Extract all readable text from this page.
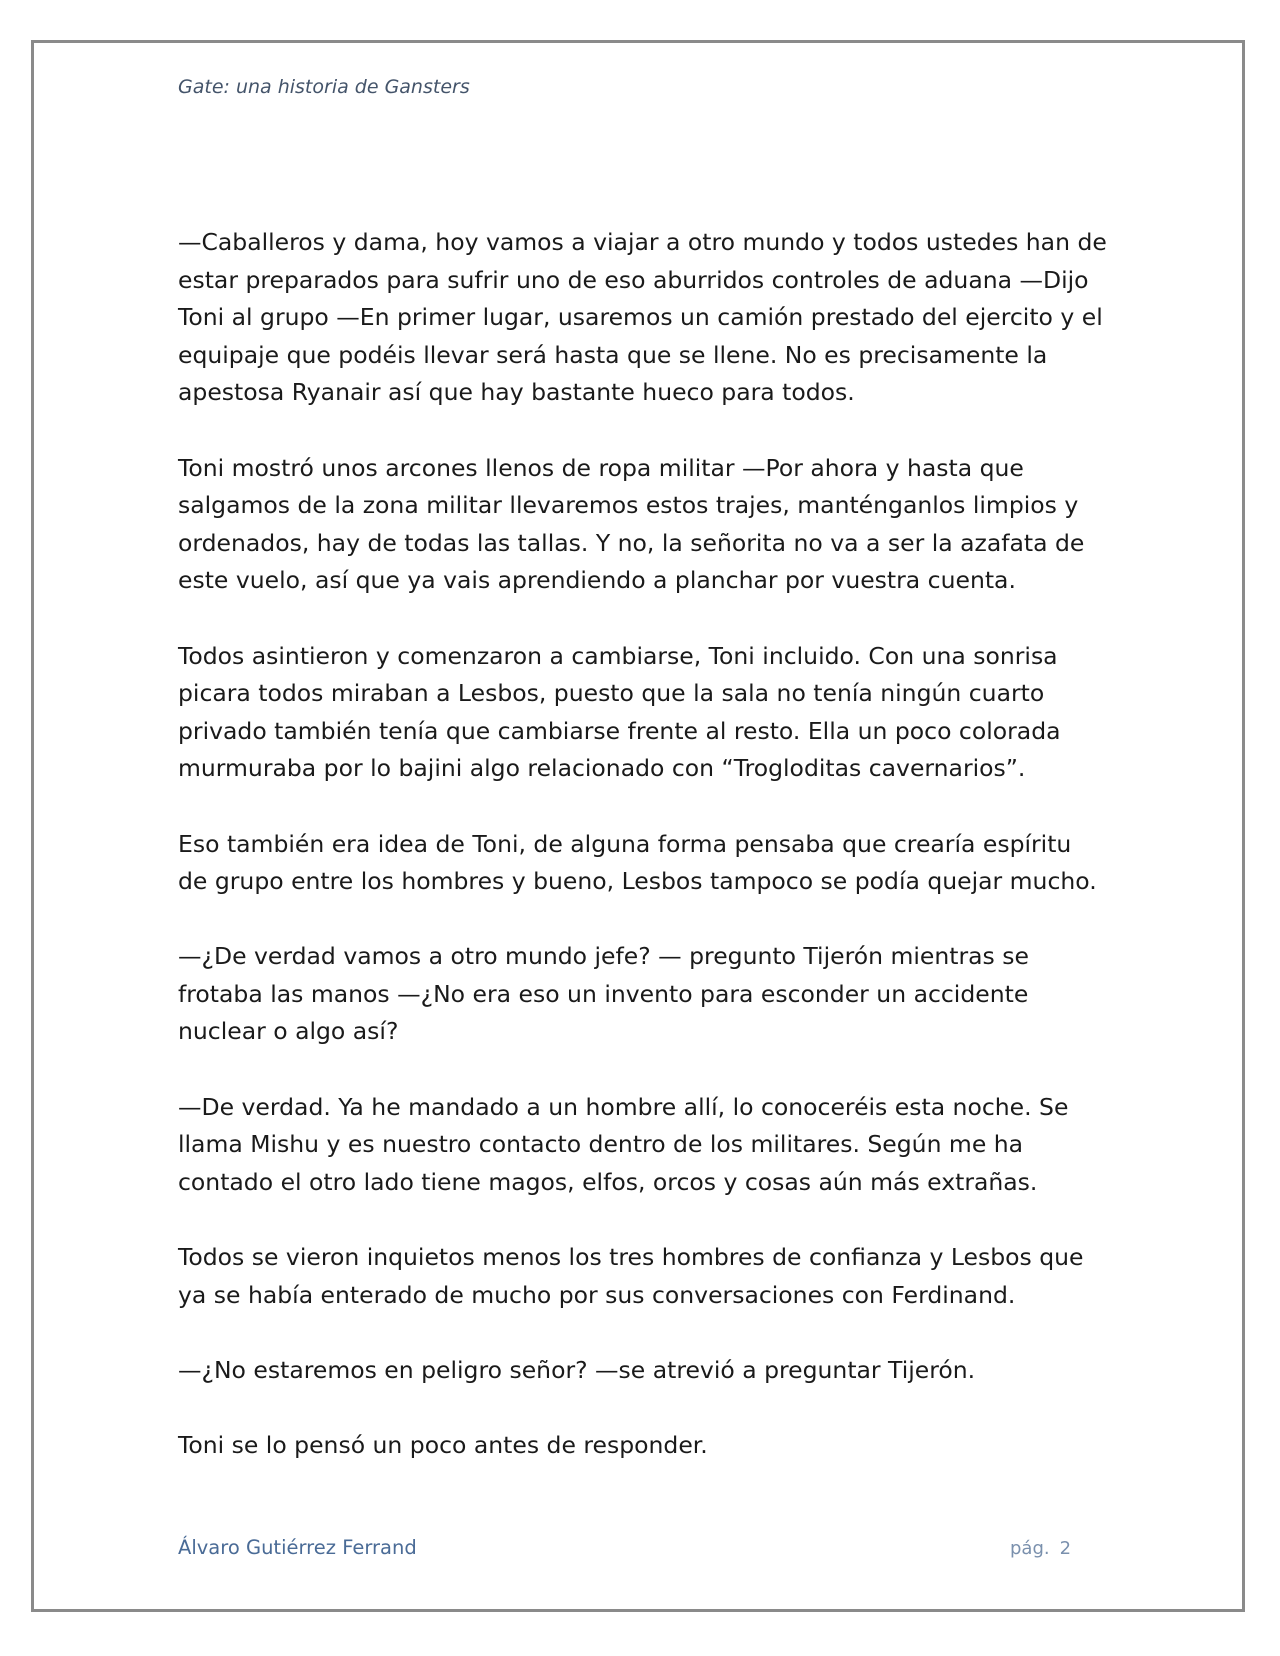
Gate: una historia de Gansters

—Caballeros y dama, hoy vamos a viajar a otro mundo y todos ustedes han de estar preparados para sufrir uno de eso aburridos controles de aduana —Dijo Toni al grupo —En primer lugar, usaremos un camión prestado del ejercito y el equipaje que podéis llevar será hasta que se llene. No es precisamente la apestosa Ryanair así que hay bastante hueco para todos.

Toni mostró unos arcones llenos de ropa militar —Por ahora y hasta que salgamos de la zona militar llevaremos estos trajes, manténganlos limpios y ordenados, hay de todas las tallas. Y no, la señorita no va a ser la azafata de este vuelo, así que ya vais aprendiendo a planchar por vuestra cuenta.

Todos asintieron y comenzaron a cambiarse, Toni incluido. Con una sonrisa picara todos miraban a Lesbos, puesto que la sala no tenía ningún cuarto privado también tenía que cambiarse frente al resto. Ella un poco colorada murmuraba por lo bajini algo relacionado con “Trogloditas cavernarios”.

Eso también era idea de Toni, de alguna forma pensaba que crearía espíritu de grupo entre los hombres y bueno, Lesbos tampoco se podía quejar mucho.

—¿De verdad vamos a otro mundo jefe? — pregunto Tijerón mientras se frotaba las manos —¿No era eso un invento para esconder un accidente nuclear o algo así?

—De verdad. Ya he mandado a un hombre allí, lo conoceréis esta noche. Se llama Mishu y es nuestro contacto dentro de los militares. Según me ha contado el otro lado tiene magos, elfos, orcos y cosas aún más extrañas.

Todos se vieron inquietos menos los tres hombres de confianza y Lesbos que ya se había enterado de mucho por sus conversaciones con Ferdinand.

—¿No estaremos en peligro señor? —se atrevió a preguntar Tijerón.

Toni se lo pensó un poco antes de responder.

Álvaro Gutiérrez Ferrand	pág. 2
